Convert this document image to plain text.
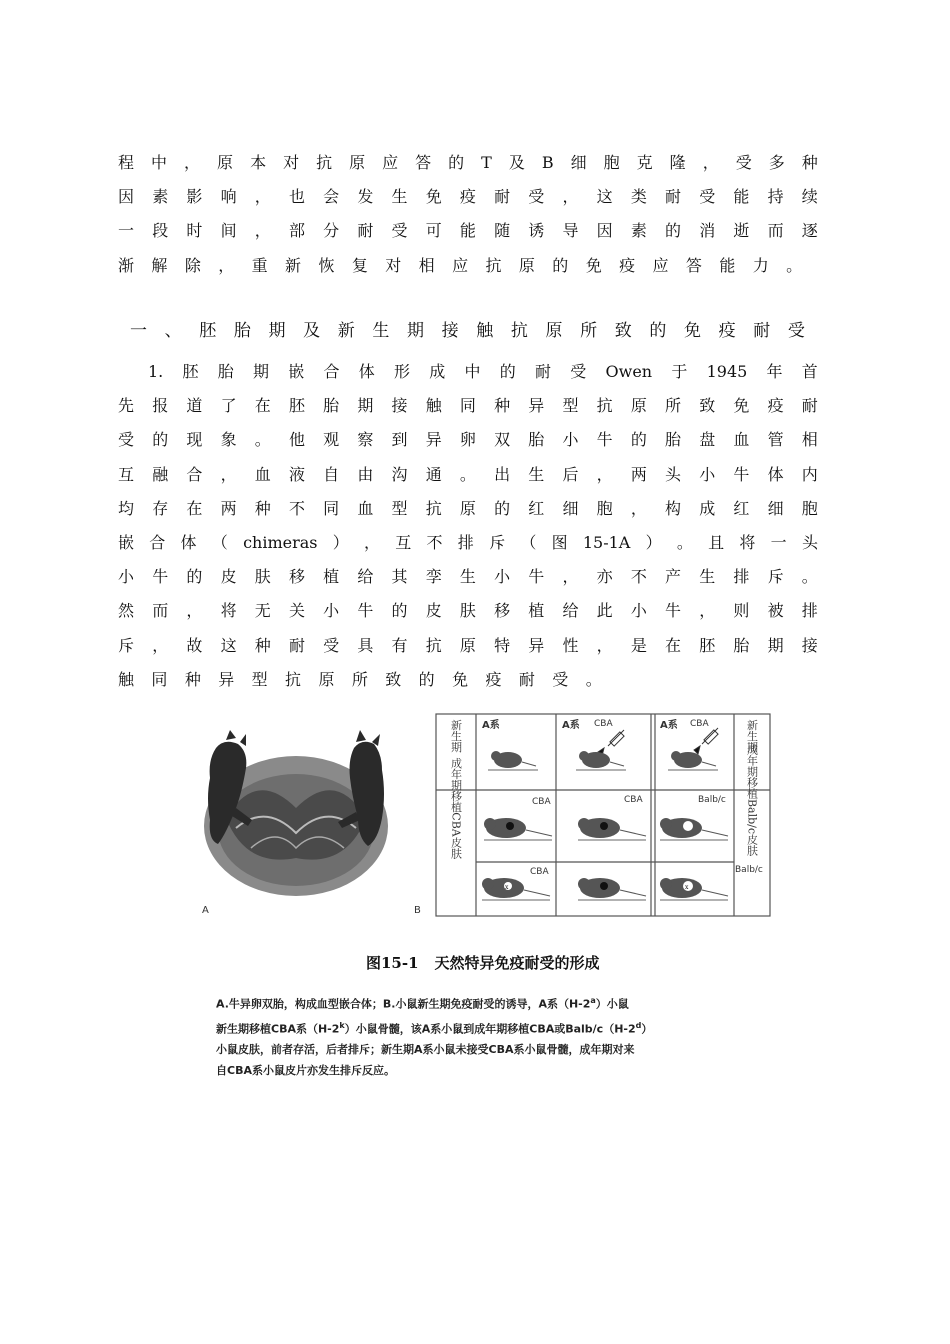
程 中 ， 原 本 对 抗 原 应 答 的 T 及 B 细 胞 克 隆 ， 受 多 种
因 素 影 响 ， 也 会 发 生 免 疫 耐 受 ， 这 类 耐 受 能 持 续
一 段 时 间 ， 部 分 耐 受 可 能 随 诱 导 因 素 的 消 逝 而 逐
渐 解 除 ， 重 新 恢 复 对 相 应 抗 原 的 免 疫 应 答 能 力 。
一 、 胚 胎 期 及 新 生 期 接 触 抗 原 所 致 的 免 疫 耐 受
1. 胚 胎 期 嵌 合 体 形 成 中 的 耐 受 Owen 于 1945 年 首
先 报 道 了 在 胚 胎 期 接 触 同 种 异 型 抗 原 所 致 免 疫 耐
受 的 现 象 。 他 观 察 到 异 卵 双 胎 小 牛 的 胎 盘 血 管 相
互 融 合 ， 血 液 自 由 沟 通 。 出 生 后 ， 两 头 小 牛 体 内
均 存 在 两 种 不 同 血 型 抗 原 的 红 细 胞 ， 构 成 红 细 胞
嵌 合 体 （ chimeras ） ， 互 不 排 斥 （ 图 15-1A ） 。 且 将 一 头
小 牛 的 皮 肤 移 植 给 其 孪 生 小 牛 ， 亦 不 产 生 排 斥 。
然 而 ， 将 无 关 小 牛 的 皮 肤 移 植 给 此 小 牛 ， 则 被 排
斥 ， 故 这 种 耐 受 具 有 抗 原 特 异 性 ， 是 在 胚 胎 期 接
触 同 种 异 型 抗 原 所 致 的 免 疫 耐 受 。
A	B
新生期
成年期移植CBA皮肤
新生期
成年期移植Balb/c皮肤
A系	A系 CBA	A系 CBA
CBA	CBA	Balb/c
CBA	Balb/c
x	x
图15-1 天然特异免疫耐受的形成
A.牛异卵双胎，构成血型嵌合体；B.小鼠新生期免疫耐受的诱导，A系（H-2$^a$）小鼠
新生期移植CBA系（H-2$^k$）小鼠骨髓，该A系小鼠到成年期移植CBA或Balb/c（H-2$^d$）
小鼠皮肤，前者存活，后者排斥；新生期A系小鼠未接受CBA系小鼠骨髓，成年期对来
自CBA系小鼠皮片亦发生排斥反应。
